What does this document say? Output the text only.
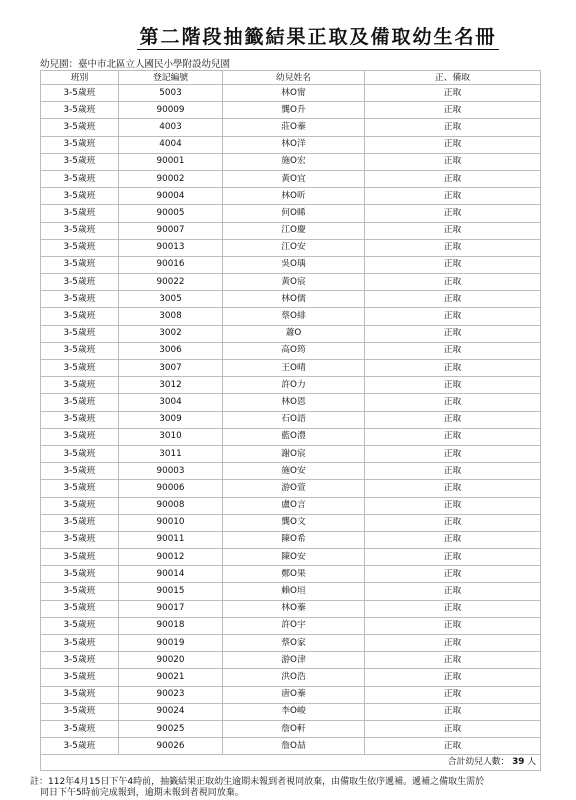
第二階段抽籤結果正取及備取幼生名冊
幼兒園：臺中市北區立人國民小學附設幼兒園
班別	登記編號	幼兒姓名	正、備取
3-5歲班	5003	林O甯	正取
3-5歲班	90009	龔O升	正取
3-5歲班	4003	莊O蓁	正取
3-5歲班	4004	林O洋	正取
3-5歲班	90001	施O宏	正取
3-5歲班	90002	黃O宜	正取
3-5歲班	90004	林O昕	正取
3-5歲班	90005	何O睎	正取
3-5歲班	90007	江O慶	正取
3-5歲班	90013	江O安	正取
3-5歲班	90016	吳O瑀	正取
3-5歲班	90022	黃O宸	正取
3-5歲班	3005	林O儒	正取
3-5歲班	3008	蔡O緋	正取
3-5歲班	3002	蕭O	正取
3-5歲班	3006	高O筠	正取
3-5歲班	3007	王O晴	正取
3-5歲班	3012	許O力	正取
3-5歲班	3004	林O恩	正取
3-5歲班	3009	石O語	正取
3-5歲班	3010	藍O澧	正取
3-5歲班	3011	謝O宸	正取
3-5歲班	90003	施O安	正取
3-5歲班	90006	游O萱	正取
3-5歲班	90008	盧O言	正取
3-5歲班	90010	龔O文	正取
3-5歲班	90011	陳O希	正取
3-5歲班	90012	陳O安	正取
3-5歲班	90014	鄭O果	正取
3-5歲班	90015	賴O垣	正取
3-5歲班	90017	林O蓁	正取
3-5歲班	90018	許O宇	正取
3-5歲班	90019	蔡O家	正取
3-5歲班	90020	游O津	正取
3-5歲班	90021	洪O浩	正取
3-5歲班	90023	唐O蓁	正取
3-5歲班	90024	李O峻	正取
3-5歲班	90025	詹O軒	正取
3-5歲班	90026	詹O喆	正取
合計幼兒人數： 39 人			
註：112年4月15日下午4時前，抽籤結果正取幼生逾期未報到者視同放棄，由備取生依序遞補。遞補之備取生需於
同日下午5時前完成報到，逾期未報到者視同放棄。
